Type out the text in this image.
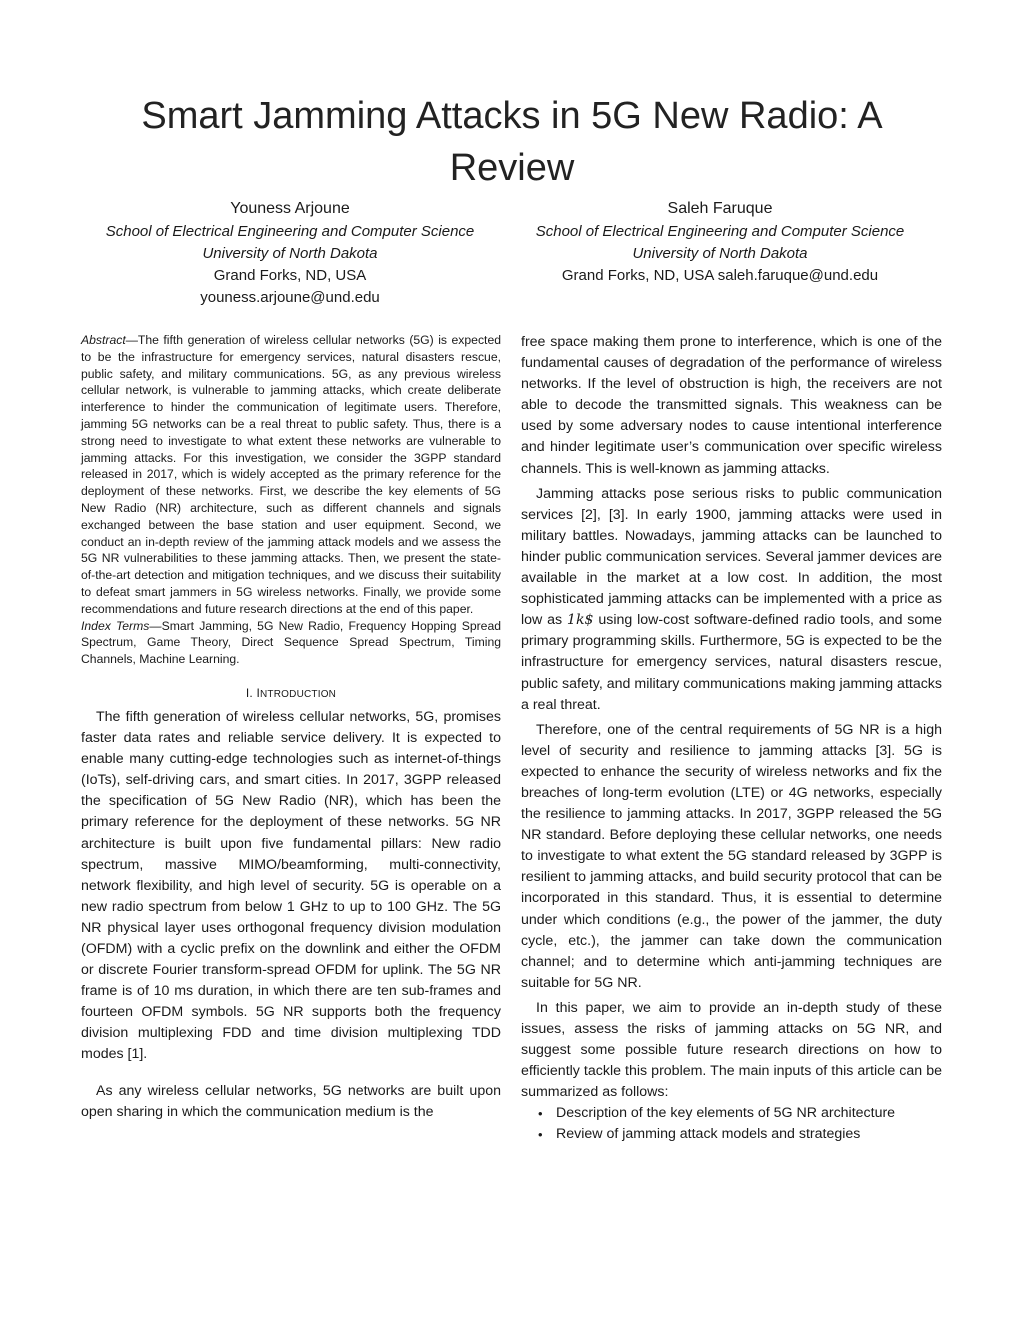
Smart Jamming Attacks in 5G New Radio: A Review
Youness Arjoune
School of Electrical Engineering and Computer Science
University of North Dakota
Grand Forks, ND, USA
youness.arjoune@und.edu
Saleh Faruque
School of Electrical Engineering and Computer Science
University of North Dakota
Grand Forks, ND, USA saleh.faruque@und.edu

Abstract—The fifth generation of wireless cellular networks (5G) is expected to be the infrastructure for emergency services, natural disasters rescue, public safety, and military communications. 5G, as any previous wireless cellular network, is vulnerable to jamming attacks, which create deliberate interference to hinder the communication of legitimate users. Therefore, jamming 5G networks can be a real threat to public safety. Thus, there is a strong need to investigate to what extent these networks are vulnerable to jamming attacks. For this investigation, we consider the 3GPP standard released in 2017, which is widely accepted as the primary reference for the deployment of these networks. First, we describe the key elements of 5G New Radio (NR) architecture, such as different channels and signals exchanged between the base station and user equipment. Second, we conduct an in-depth review of the jamming attack models and we assess the 5G NR vulnerabilities to these jamming attacks. Then, we present the state-of-the-art detection and mitigation techniques, and we discuss their suitability to defeat smart jammers in 5G wireless networks. Finally, we provide some recommendations and future research directions at the end of this paper.

Index Terms—Smart Jamming, 5G New Radio, Frequency Hopping Spread Spectrum, Game Theory, Direct Sequence Spread Spectrum, Timing Channels, Machine Learning.

I. INTRODUCTION

The fifth generation of wireless cellular networks, 5G, promises faster data rates and reliable service delivery. It is expected to enable many cutting-edge technologies such as internet-of-things (IoTs), self-driving cars, and smart cities. In 2017, 3GPP released the specification of 5G New Radio (NR), which has been the primary reference for the deployment of these networks. 5G NR architecture is built upon five fundamental pillars: New radio spectrum, massive MIMO/beamforming, multi-connectivity, network flexibility, and high level of security. 5G is operable on a new radio spectrum from below 1 GHz to up to 100 GHz. The 5G NR physical layer uses orthogonal frequency division modulation (OFDM) with a cyclic prefix on the downlink and either the OFDM or discrete Fourier transform-spread OFDM for uplink. The 5G NR frame is of 10 ms duration, in which there are ten sub-frames and fourteen OFDM symbols. 5G NR supports both the frequency division multiplexing FDD and time division multiplexing TDD modes [1].

As any wireless cellular networks, 5G networks are built upon open sharing in which the communication medium is the

free space making them prone to interference, which is one of the fundamental causes of degradation of the performance of wireless networks. If the level of obstruction is high, the receivers are not able to decode the transmitted signals. This weakness can be used by some adversary nodes to cause intentional interference and hinder legitimate user’s communication over specific wireless channels. This is well-known as jamming attacks.

Jamming attacks pose serious risks to public communication services [2], [3]. In early 1900, jamming attacks were used in military battles. Nowadays, jamming attacks can be launched to hinder public communication services. Several jammer devices are available in the market at a low cost. In addition, the most sophisticated jamming attacks can be implemented with a price as low as 1k$ using low-cost software-defined radio tools, and some primary programming skills. Furthermore, 5G is expected to be the infrastructure for emergency services, natural disasters rescue, public safety, and military communications making jamming attacks a real threat.

Therefore, one of the central requirements of 5G NR is a high level of security and resilience to jamming attacks [3]. 5G is expected to enhance the security of wireless networks and fix the breaches of long-term evolution (LTE) or 4G networks, especially the resilience to jamming attacks. In 2017, 3GPP released the 5G NR standard. Before deploying these cellular networks, one needs to investigate to what extent the 5G standard released by 3GPP is resilient to jamming attacks, and build security protocol that can be incorporated in this standard. Thus, it is essential to determine under which conditions (e.g., the power of the jammer, the duty cycle, etc.), the jammer can take down the communication channel; and to determine which anti-jamming techniques are suitable for 5G NR.

In this paper, we aim to provide an in-depth study of these issues, assess the risks of jamming attacks on 5G NR, and suggest some possible future research directions on how to efficiently tackle this problem. The main inputs of this article can be summarized as follows:

• Description of the key elements of 5G NR architecture
• Review of jamming attack models and strategies
